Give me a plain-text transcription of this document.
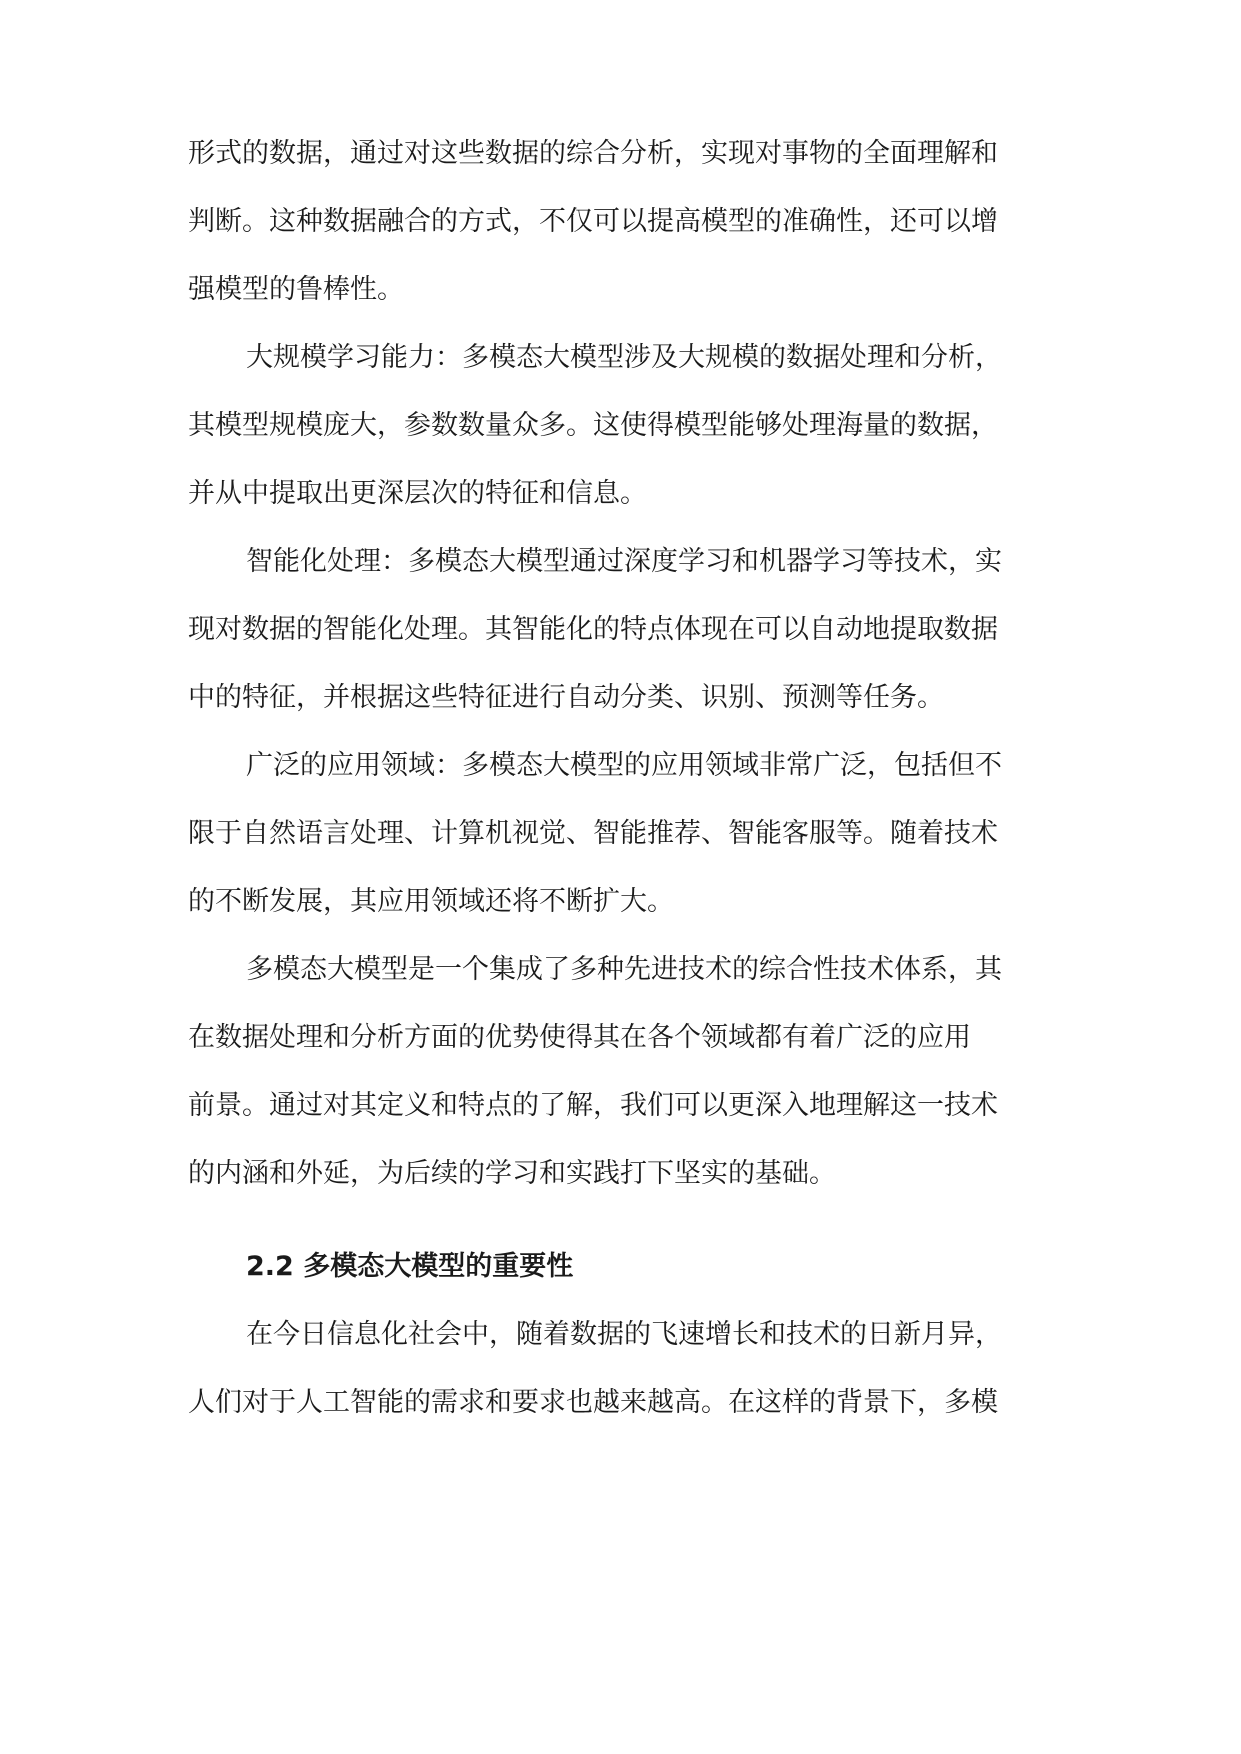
形式的数据，通过对这些数据的综合分析，实现对事物的全面理解和
判断。这种数据融合的方式，不仅可以提高模型的准确性，还可以增
强模型的鲁棒性。
大规模学习能力：多模态大模型涉及大规模的数据处理和分析，
其模型规模庞大，参数数量众多。这使得模型能够处理海量的数据，
并从中提取出更深层次的特征和信息。
智能化处理：多模态大模型通过深度学习和机器学习等技术，实
现对数据的智能化处理。其智能化的特点体现在可以自动地提取数据
中的特征，并根据这些特征进行自动分类、识别、预测等任务。
广泛的应用领域：多模态大模型的应用领域非常广泛，包括但不
限于自然语言处理、计算机视觉、智能推荐、智能客服等。随着技术
的不断发展，其应用领域还将不断扩大。
多模态大模型是一个集成了多种先进技术的综合性技术体系，其
在数据处理和分析方面的优势使得其在各个领域都有着广泛的应用
前景。通过对其定义和特点的了解，我们可以更深入地理解这一技术
的内涵和外延，为后续的学习和实践打下坚实的基础。
2.2 多模态大模型的重要性
在今日信息化社会中，随着数据的飞速增长和技术的日新月异，
人们对于人工智能的需求和要求也越来越高。在这样的背景下，多模
